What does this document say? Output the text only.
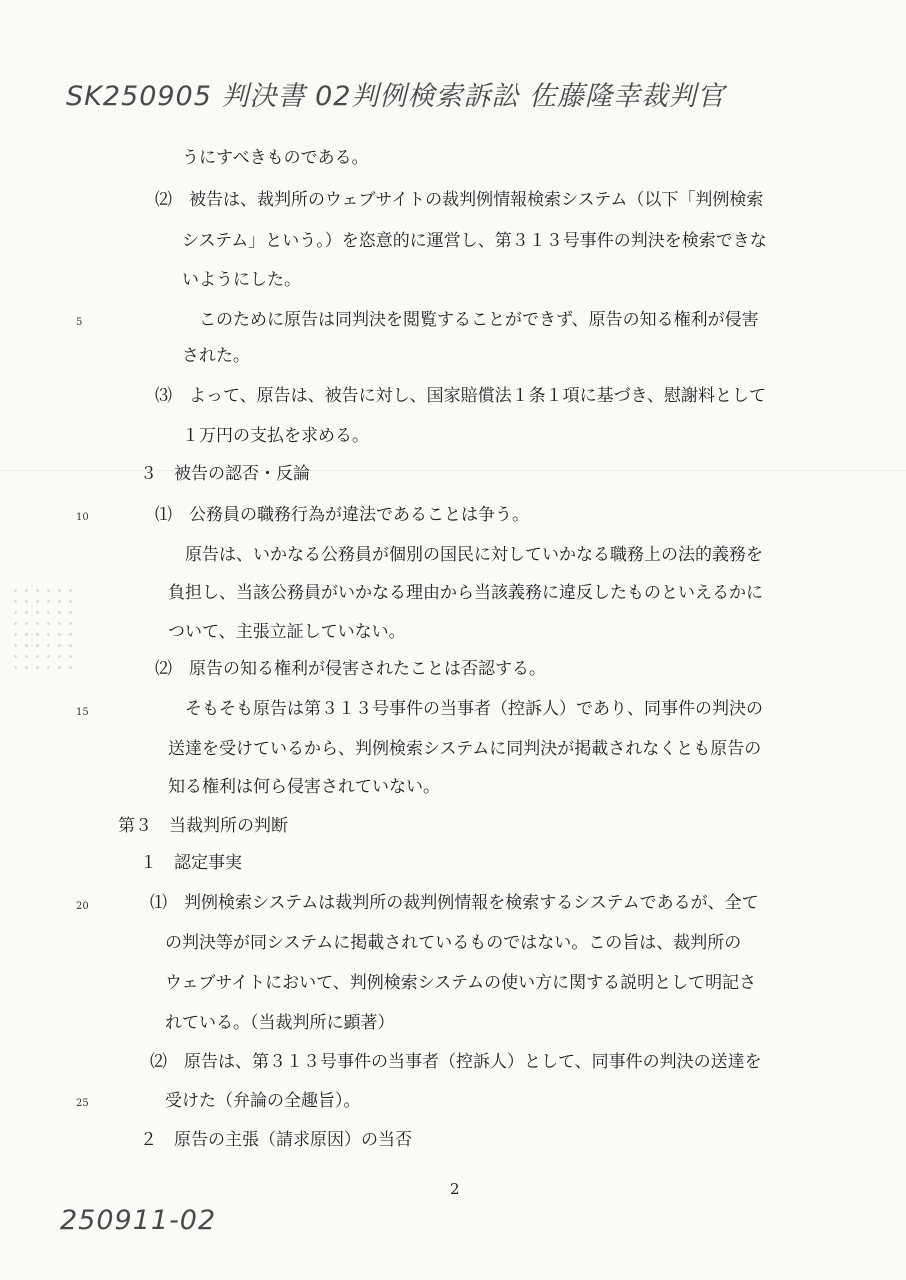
SK250905 判決書 02判例検索訴訟 佐藤隆幸裁判官
うにすべきものである。
⑵　被告は、裁判所のウェブサイトの裁判例情報検索システム（以下「判例検索
システム」という。）を恣意的に運営し、第３１３号事件の判決を検索できな
いようにした。
　このために原告は同判決を閲覧することができず、原告の知る権利が侵害
された。
⑶　よって、原告は、被告に対し、国家賠償法１条１項に基づき、慰謝料として
１万円の支払を求める。
３　被告の認否・反論
⑴　公務員の職務行為が違法であることは争う。
　原告は、いかなる公務員が個別の国民に対していかなる職務上の法的義務を
負担し、当該公務員がいかなる理由から当該義務に違反したものといえるかに
ついて、主張立証していない。
⑵　原告の知る権利が侵害されたことは否認する。
　そもそも原告は第３１３号事件の当事者（控訴人）であり、同事件の判決の
送達を受けているから、判例検索システムに同判決が掲載されなくとも原告の
知る権利は何ら侵害されていない。
第３　当裁判所の判断
１　認定事実
⑴　判例検索システムは裁判所の裁判例情報を検索するシステムであるが、全て
の判決等が同システムに掲載されているものではない。この旨は、裁判所の
ウェブサイトにおいて、判例検索システムの使い方に関する説明として明記さ
れている。（当裁判所に顕著）
⑵　原告は、第３１３号事件の当事者（控訴人）として、同事件の判決の送達を
受けた（弁論の全趣旨）。
２　原告の主張（請求原因）の当否
5
10
15
20
25
2
250911-02
